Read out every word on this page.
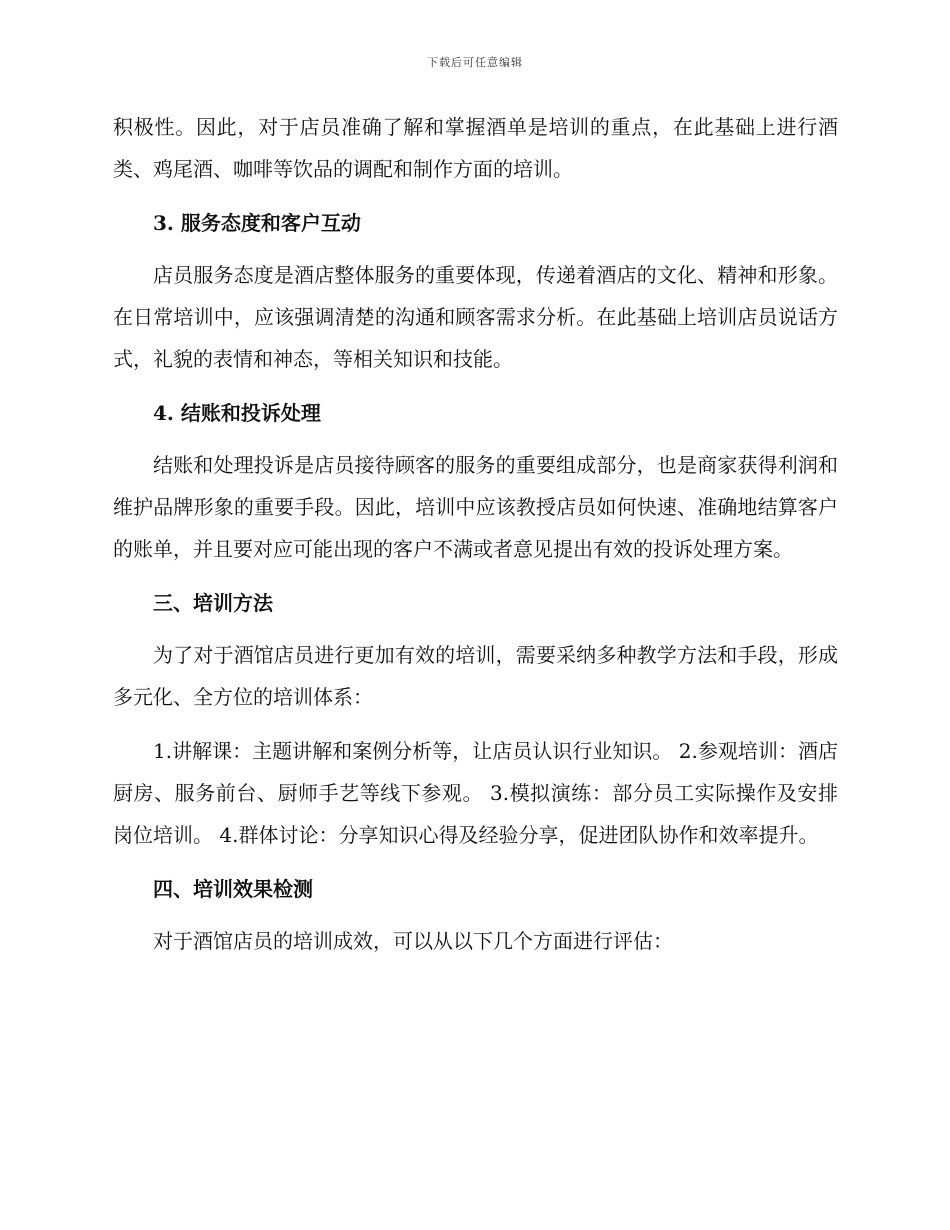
下载后可任意编辑

积极性。因此，对于店员准确了解和掌握酒单是培训的重点，在此基础上进行酒类、鸡尾酒、咖啡等饮品的调配和制作方面的培训。

3. 服务态度和客户互动

店员服务态度是酒店整体服务的重要体现，传递着酒店的文化、精神和形象。在日常培训中，应该强调清楚的沟通和顾客需求分析。在此基础上培训店员说话方式，礼貌的表情和神态，等相关知识和技能。

4. 结账和投诉处理

结账和处理投诉是店员接待顾客的服务的重要组成部分，也是商家获得利润和维护品牌形象的重要手段。因此，培训中应该教授店员如何快速、准确地结算客户的账单，并且要对应可能出现的客户不满或者意见提出有效的投诉处理方案。

三、培训方法

为了对于酒馆店员进行更加有效的培训，需要采纳多种教学方法和手段，形成多元化、全方位的培训体系：

1.讲解课：主题讲解和案例分析等，让店员认识行业知识。 2.参观培训：酒店厨房、服务前台、厨师手艺等线下参观。 3.模拟演练：部分员工实际操作及安排岗位培训。 4.群体讨论：分享知识心得及经验分享，促进团队协作和效率提升。

四、培训效果检测

对于酒馆店员的培训成效，可以从以下几个方面进行评估：
